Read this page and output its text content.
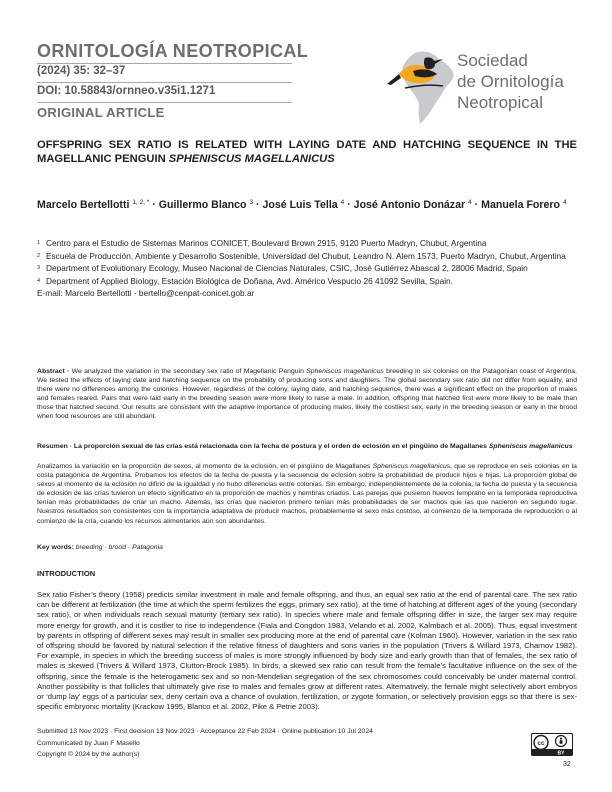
ORNITOLOGÍA NEOTROPICAL
(2024) 35: 32–37
DOI: 10.58843/ornneo.v35i1.1271
ORIGINAL ARTICLE
Sociedad
de Ornitología
Neotropical
OFFSPRING SEX RATIO IS RELATED WITH LAYING DATE AND HATCHING SEQUENCE IN THE MAGELLANIC PENGUIN SPHENISCUS MAGELLANICUS
Marcelo Bertellotti $^{1, 2, *}$ · Guillermo Blanco $^3$ · José Luis Tella $^4$ · José Antonio Donázar $^4$ · Manuela Forero $^4$
1 Centro para el Estudio de Sistemas Marinos CONICET, Boulevard Brown 2915, 9120 Puerto Madryn, Chubut, Argentina
2 Escuela de Producción, Ambiente y Desarrollo Sostenible, Universidad del Chubut, Leandro N. Alem 1573, Puerto Madryn, Chubut, Argentina
3 Department of Evolutionary Ecology, Museo Nacional de Ciencias Naturales, CSIC, José Gutiérrez Abascal 2, 28006 Madrid, Spain
4 Department of Applied Biology, Estación Biológica de Doñana, Avd. Américo Vespucio 26 41092 Sevilla, Spain.
E-mail: Marcelo Bertellotti - bertello@cenpat-conicet.gob.ar
Abstract · We analyzed the variation in the secondary sex ratio of Magellanic Penguin Spheniscus magellanicus breeding in six colonies on the Patagonian coast of Argentina. We tested the effects of laying date and hatching sequence on the probability of producing sons and daughters. The global secondary sex ratio did not differ from equality, and there were no differences among the colonies. However, regardless of the colony, laying date, and hatching sequence, there was a significant effect on the proportion of males and females reared. Pairs that were laid early in the breeding season were more likely to raise a male. In addition, offspring that hatched first were more likely to be male than those that hatched second. Our results are consistent with the adaptive importance of producing males, likely the costliest sex, early in the breeding season or early in the brood when food resources are still abundant.
Resumen · La proporción sexual de las crías está relacionada con la fecha de postura y el orden de eclosión en el pingüino de Magallanes Spheniscus magellanicus
Analizamos la variación en la proporción de sexos, al momento de la eclosión, en el pingüino de Magallanes Spheniscus magellanicus, que se reproduce en seis colonias en la costa patagónica de Argentina. Probamos los efectos de la fecha de puesta y la secuencia de eclosión sobre la probabilidad de producir hijos e hijas. La proporción global de sexos al momento de la eclosión no difirió de la igualdad y no hubo diferencias entre colonias. Sin embargo, independientemente de la colonia, la fecha de puesta y la secuencia de eclosión de las crías tuvieron un efecto significativo en la proporción de machos y hembras criados. Las parejas que pusieron huevos temprano en la temporada reproductiva tenían más probabilidades de criar un macho. Además, las crías que nacieron primero tenían más probabilidades de ser machos que las que nacieron en segundo lugar. Nuestros resultados son consistentes con la importancia adaptativa de producir machos, probablemente el sexo más costoso, al comienzo de la temporada de reproducción o al comienzo de la cría, cuando los recursos alimentarios aún son abundantes.
Key words: breeding · brood · Patagonia
INTRODUCTION
Sex ratio Fisher’s theory (1958) predicts similar investment in male and female offspring, and thus, an equal sex ratio at the end of parental care. The sex ratio can be different at fertilization (the time at which the sperm fertilizes the eggs, primary sex ratio), at the time of hatching at different ages of the young (secondary sex ratio), or when individuals reach sexual maturity (tertiary sex ratio). In species where male and female offspring differ in size, the larger sex may require more energy for growth, and it is costlier to rise to independence (Fiala and Congdon 1983, Velando et al. 2002, Kalmbach et al. 2005). Thus, equal investment by parents in offspring of different sexes may result in smaller sex producing more at the end of parental care (Kolman 1960). However, variation in the sex ratio of offspring should be favored by natural selection if the relative fitness of daughters and sons varies in the population (Trivers & Willard 1973, Charnov 1982). For example, in species in which the breeding success of males is more strongly influenced by body size and early growth than that of females, the sex ratio of males is skewed (Trivers & Willard 1973, Clutton-Brock 1985). In birds, a skewed sex ratio can result from the female’s facultative influence on the sex of the offspring, since the female is the heterogametic sex and so non-Mendelian segregation of the sex chromosomes could conceivably be under maternal control. Another possibility is that follicles that ultimately give rise to males and females grow at different rates. Alternatively, the female might selectively abort embryos or ‘dump lay’ eggs of a particular sex, deny certain ova a chance of ovulation, fertilization, or zygote formation, or selectively provision eggs so that there is sex-specific embryonic mortality (Krackow 1995, Blanco et al. 2002, Pike & Petrie 2003).
Submitted 13 Nov 2023 · First decision 13 Nov 2023 · Acceptance 22 Feb 2024 · Online publication 10 Jul 2024
Communicated by Juan F Masello
Copyright © 2024 by the author(s)
cc
BY
32
